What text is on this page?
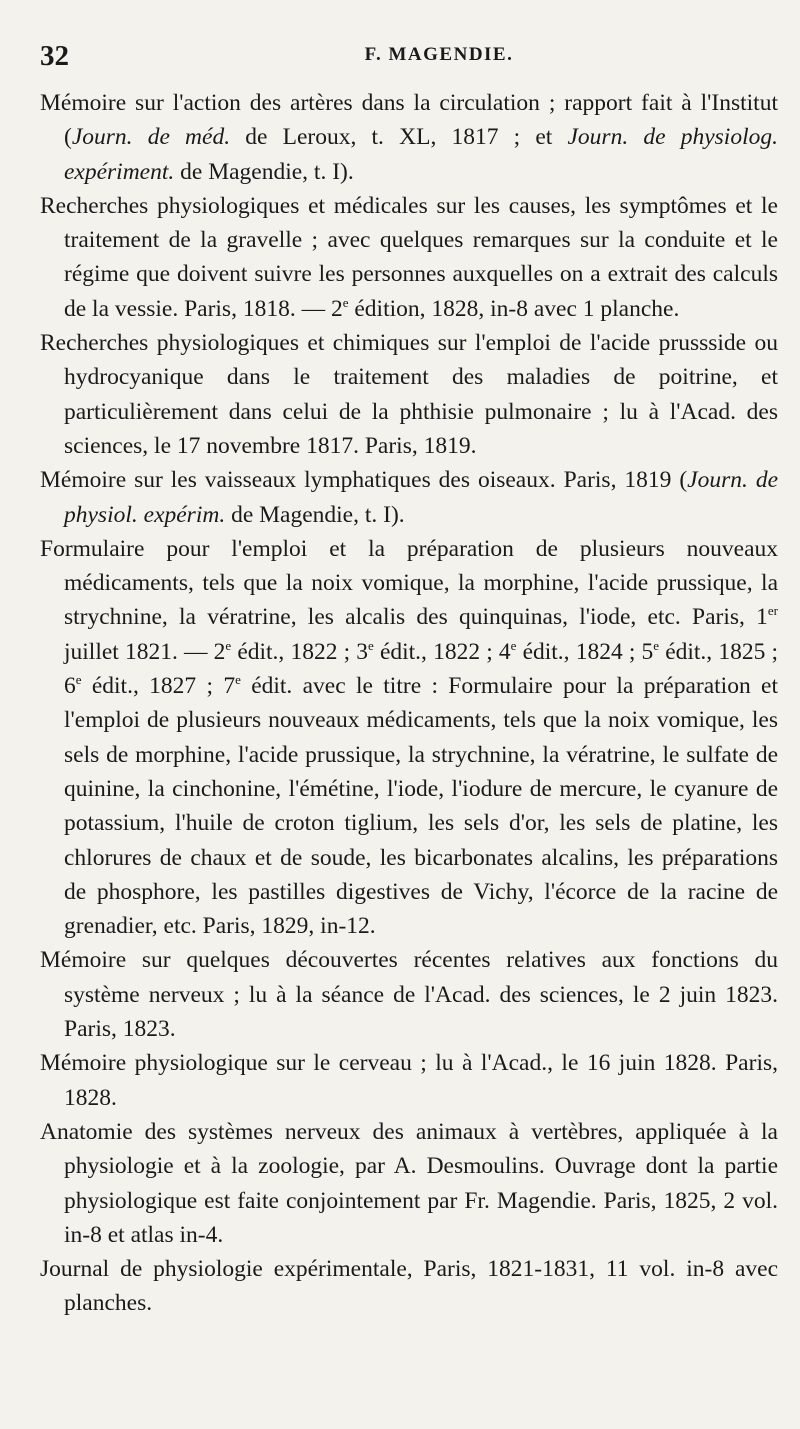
32	F. MAGENDIE.

Mémoire sur l'action des artères dans la circulation ; rapport fait à l'Institut (Journ. de méd. de Leroux, t. XL, 1817 ; et Journ. de physiolog. expériment. de Magendie, t. I).

Recherches physiologiques et médicales sur les causes, les symptômes et le traitement de la gravelle ; avec quelques remarques sur la conduite et le régime que doivent suivre les personnes auxquelles on a extrait des calculs de la vessie. Paris, 1818. — 2e édition, 1828, in-8 avec 1 planche.

Recherches physiologiques et chimiques sur l'emploi de l'acide prussside ou hydrocyanique dans le traitement des maladies de poitrine, et particulièrement dans celui de la phthisie pulmonaire ; lu à l'Acad. des sciences, le 17 novembre 1817. Paris, 1819.

Mémoire sur les vaisseaux lymphatiques des oiseaux. Paris, 1819 (Journ. de physiol. expérim. de Magendie, t. I).

Formulaire pour l'emploi et la préparation de plusieurs nouveaux médicaments, tels que la noix vomique, la morphine, l'acide prussique, la strychnine, la vératrine, les alcalis des quinquinas, l'iode, etc. Paris, 1er juillet 1821. — 2e édit., 1822 ; 3e édit., 1822 ; 4e édit., 1824 ; 5e édit., 1825 ; 6e édit., 1827 ; 7e édit. avec le titre : Formulaire pour la préparation et l'emploi de plusieurs nouveaux médicaments, tels que la noix vomique, les sels de morphine, l'acide prussique, la strychnine, la vératrine, le sulfate de quinine, la cinchonine, l'émétine, l'iode, l'iodure de mercure, le cyanure de potassium, l'huile de croton tiglium, les sels d'or, les sels de platine, les chlorures de chaux et de soude, les bicarbonates alcalins, les préparations de phosphore, les pastilles digestives de Vichy, l'écorce de la racine de grenadier, etc. Paris, 1829, in-12.

Mémoire sur quelques découvertes récentes relatives aux fonctions du système nerveux ; lu à la séance de l'Acad. des sciences, le 2 juin 1823. Paris, 1823.

Mémoire physiologique sur le cerveau ; lu à l'Acad., le 16 juin 1828. Paris, 1828.

Anatomie des systèmes nerveux des animaux à vertèbres, appliquée à la physiologie et à la zoologie, par A. Desmoulins. Ouvrage dont la partie physiologique est faite conjointement par Fr. Magendie. Paris, 1825, 2 vol. in-8 et atlas in-4.

Journal de physiologie expérimentale, Paris, 1821-1831, 11 vol. in-8 avec planches.
